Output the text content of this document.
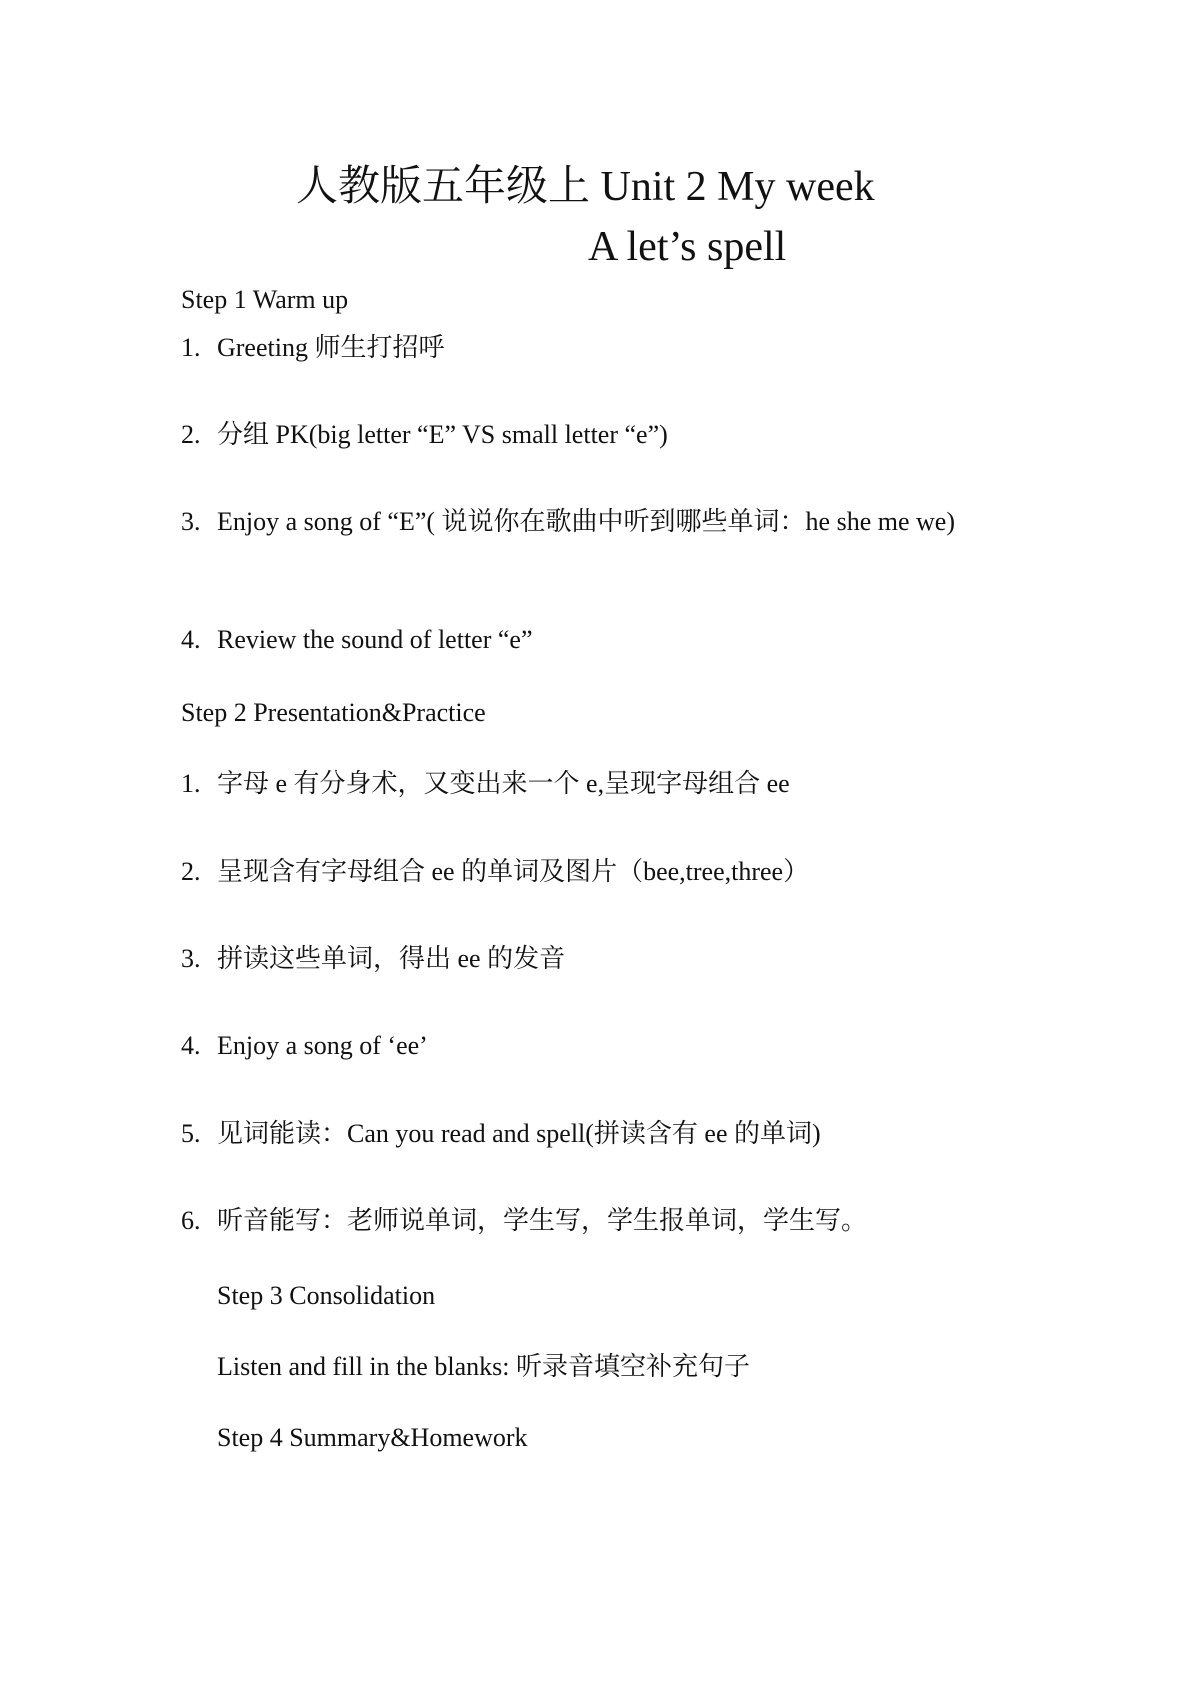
人教版五年级上 Unit 2 My week
A let’s spell
Step 1 Warm up
1. Greeting 师生打招呼
2. 分组 PK(big letter “E” VS small letter “e”)
3. Enjoy a song of “E”( 说说你在歌曲中听到哪些单词：he she me we)
4. Review the sound of letter “e”
Step 2 Presentation&Practice
1. 字母 e 有分身术，又变出来一个 e,呈现字母组合 ee
2. 呈现含有字母组合 ee 的单词及图片（bee,tree,three）
3. 拼读这些单词，得出 ee 的发音
4. Enjoy a song of ‘ee’
5. 见词能读：Can you read and spell(拼读含有 ee 的单词)
6. 听音能写：老师说单词，学生写，学生报单词，学生写。
Step 3 Consolidation
Listen and fill in the blanks: 听录音填空补充句子
Step 4 Summary&Homework
